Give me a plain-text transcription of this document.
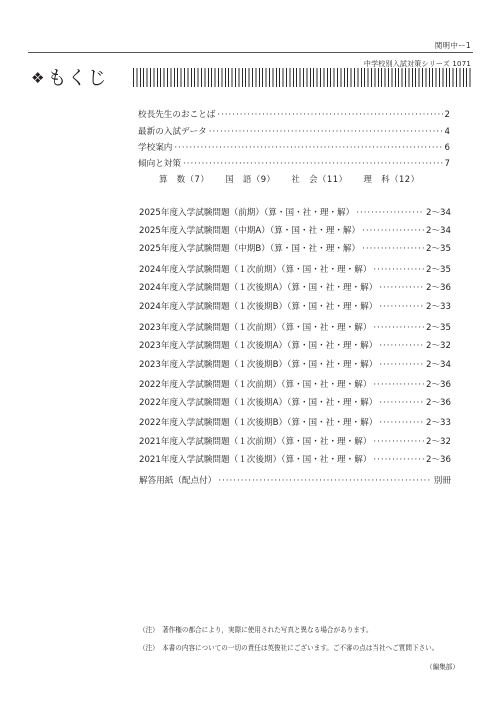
関明中ー1
中学校別入試対策シリーズ 1071
❖ もくじ
校長先生のおことば ·····	2
最新の入試データ ·····	4
学校案内 ·····	6
傾向と対策 ·····	7
算　数（7） 国　語（9） 社　会（11） 理　科（12）
2025年度入学試験問題（前期）（算・国・社・理・解） ·····	2〜34
2025年度入学試験問題（中期A）（算・国・社・理・解） ·····	2〜34
2025年度入学試験問題（中期B）（算・国・社・理・解） ·····	2〜35
2024年度入学試験問題（１次前期）（算・国・社・理・解） ·····	2〜35
2024年度入学試験問題（１次後期A）（算・国・社・理・解） ·····	2〜36
2024年度入学試験問題（１次後期B）（算・国・社・理・解） ·····	2〜33
2023年度入学試験問題（１次前期）（算・国・社・理・解） ·····	2〜35
2023年度入学試験問題（１次後期A）（算・国・社・理・解） ·····	2〜32
2023年度入学試験問題（１次後期B）（算・国・社・理・解） ·····	2〜34
2022年度入学試験問題（１次前期）（算・国・社・理・解） ·····	2〜36
2022年度入学試験問題（１次後期A）（算・国・社・理・解） ·····	2〜36
2022年度入学試験問題（１次後期B）（算・国・社・理・解） ·····	2〜33
2021年度入学試験問題（１次前期）（算・国・社・理・解） ·····	2〜32
2021年度入学試験問題（１次後期）（算・国・社・理・解） ·····	2〜36
解答用紙（配点付） ·····	別冊
（注）　著作権の都合により，実際に使用された写真と異なる場合があります。
（注）　本書の内容についての一切の責任は英俊社にございます。ご不審の点は当社へご質問下さい。
（編集部）
